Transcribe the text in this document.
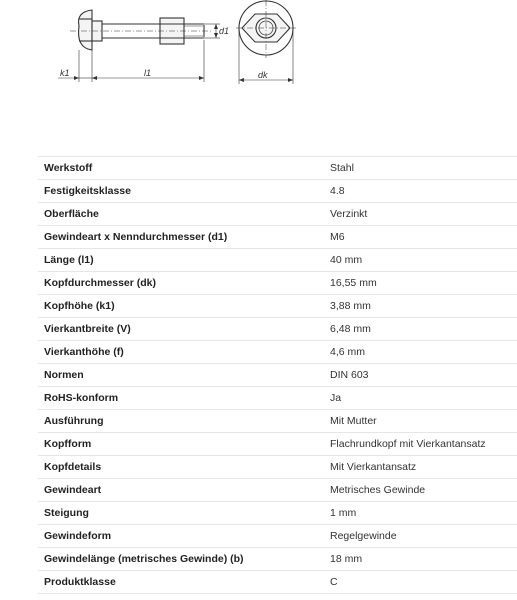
k1	l1
d1
dk
Werkstoff	Stahl
Festigkeitsklasse	4.8
Oberfläche	Verzinkt
Gewindeart x Nenndurchmesser (d1)	M6
Länge (l1)	40 mm
Kopfdurchmesser (dk)	16,55 mm
Kopfhöhe (k1)	3,88 mm
Vierkantbreite (V)	6,48 mm
Vierkanthöhe (f)	4,6 mm
Normen	DIN 603
RoHS-konform	Ja
Ausführung	Mit Mutter
Kopfform	Flachrundkopf mit Vierkantansatz
Kopfdetails	Mit Vierkantansatz
Gewindeart	Metrisches Gewinde
Steigung	1 mm
Gewindeform	Regelgewinde
Gewindelänge (metrisches Gewinde) (b)	18 mm
Produktklasse	C
